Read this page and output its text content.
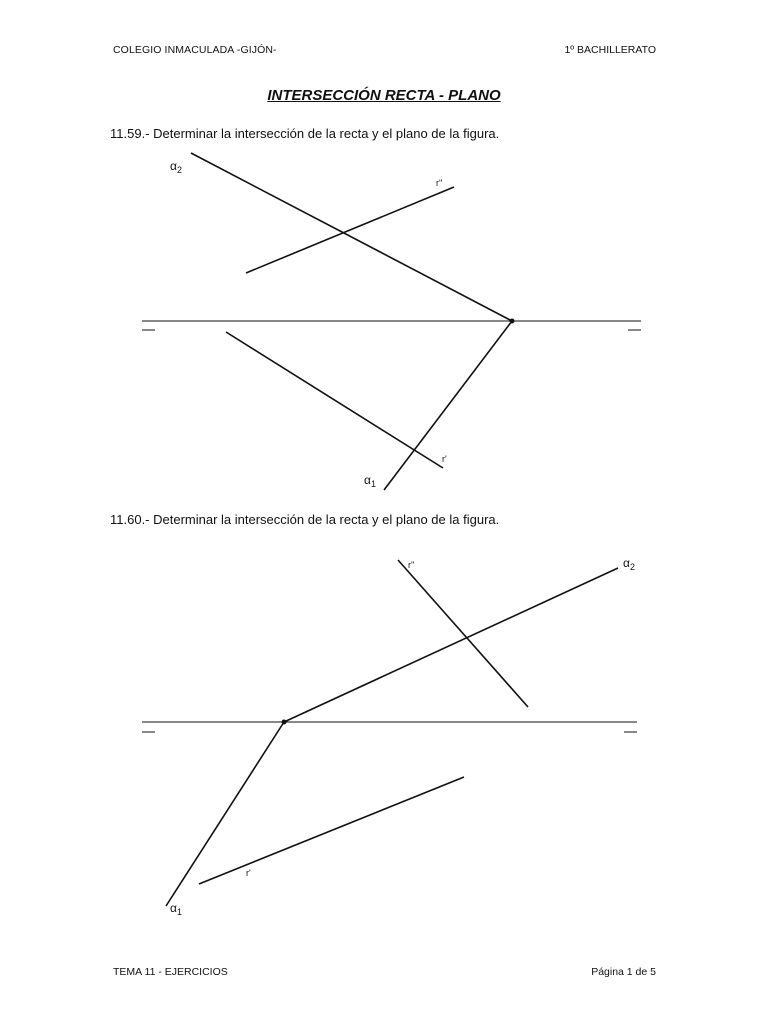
COLEGIO INMACULADA -GIJÓN-	1º BACHILLERATO
INTERSECCIÓN RECTA - PLANO
11.59.- Determinar la intersección de la recta y el plano de la figura.
11.60.- Determinar la intersección de la recta y el plano de la figura.
$\alpha_2$
r''
r'
$\alpha_1$
r''	$\alpha_2$
r'
$\alpha_1$
TEMA 11 - EJERCICIOS	Página 1 de 5
